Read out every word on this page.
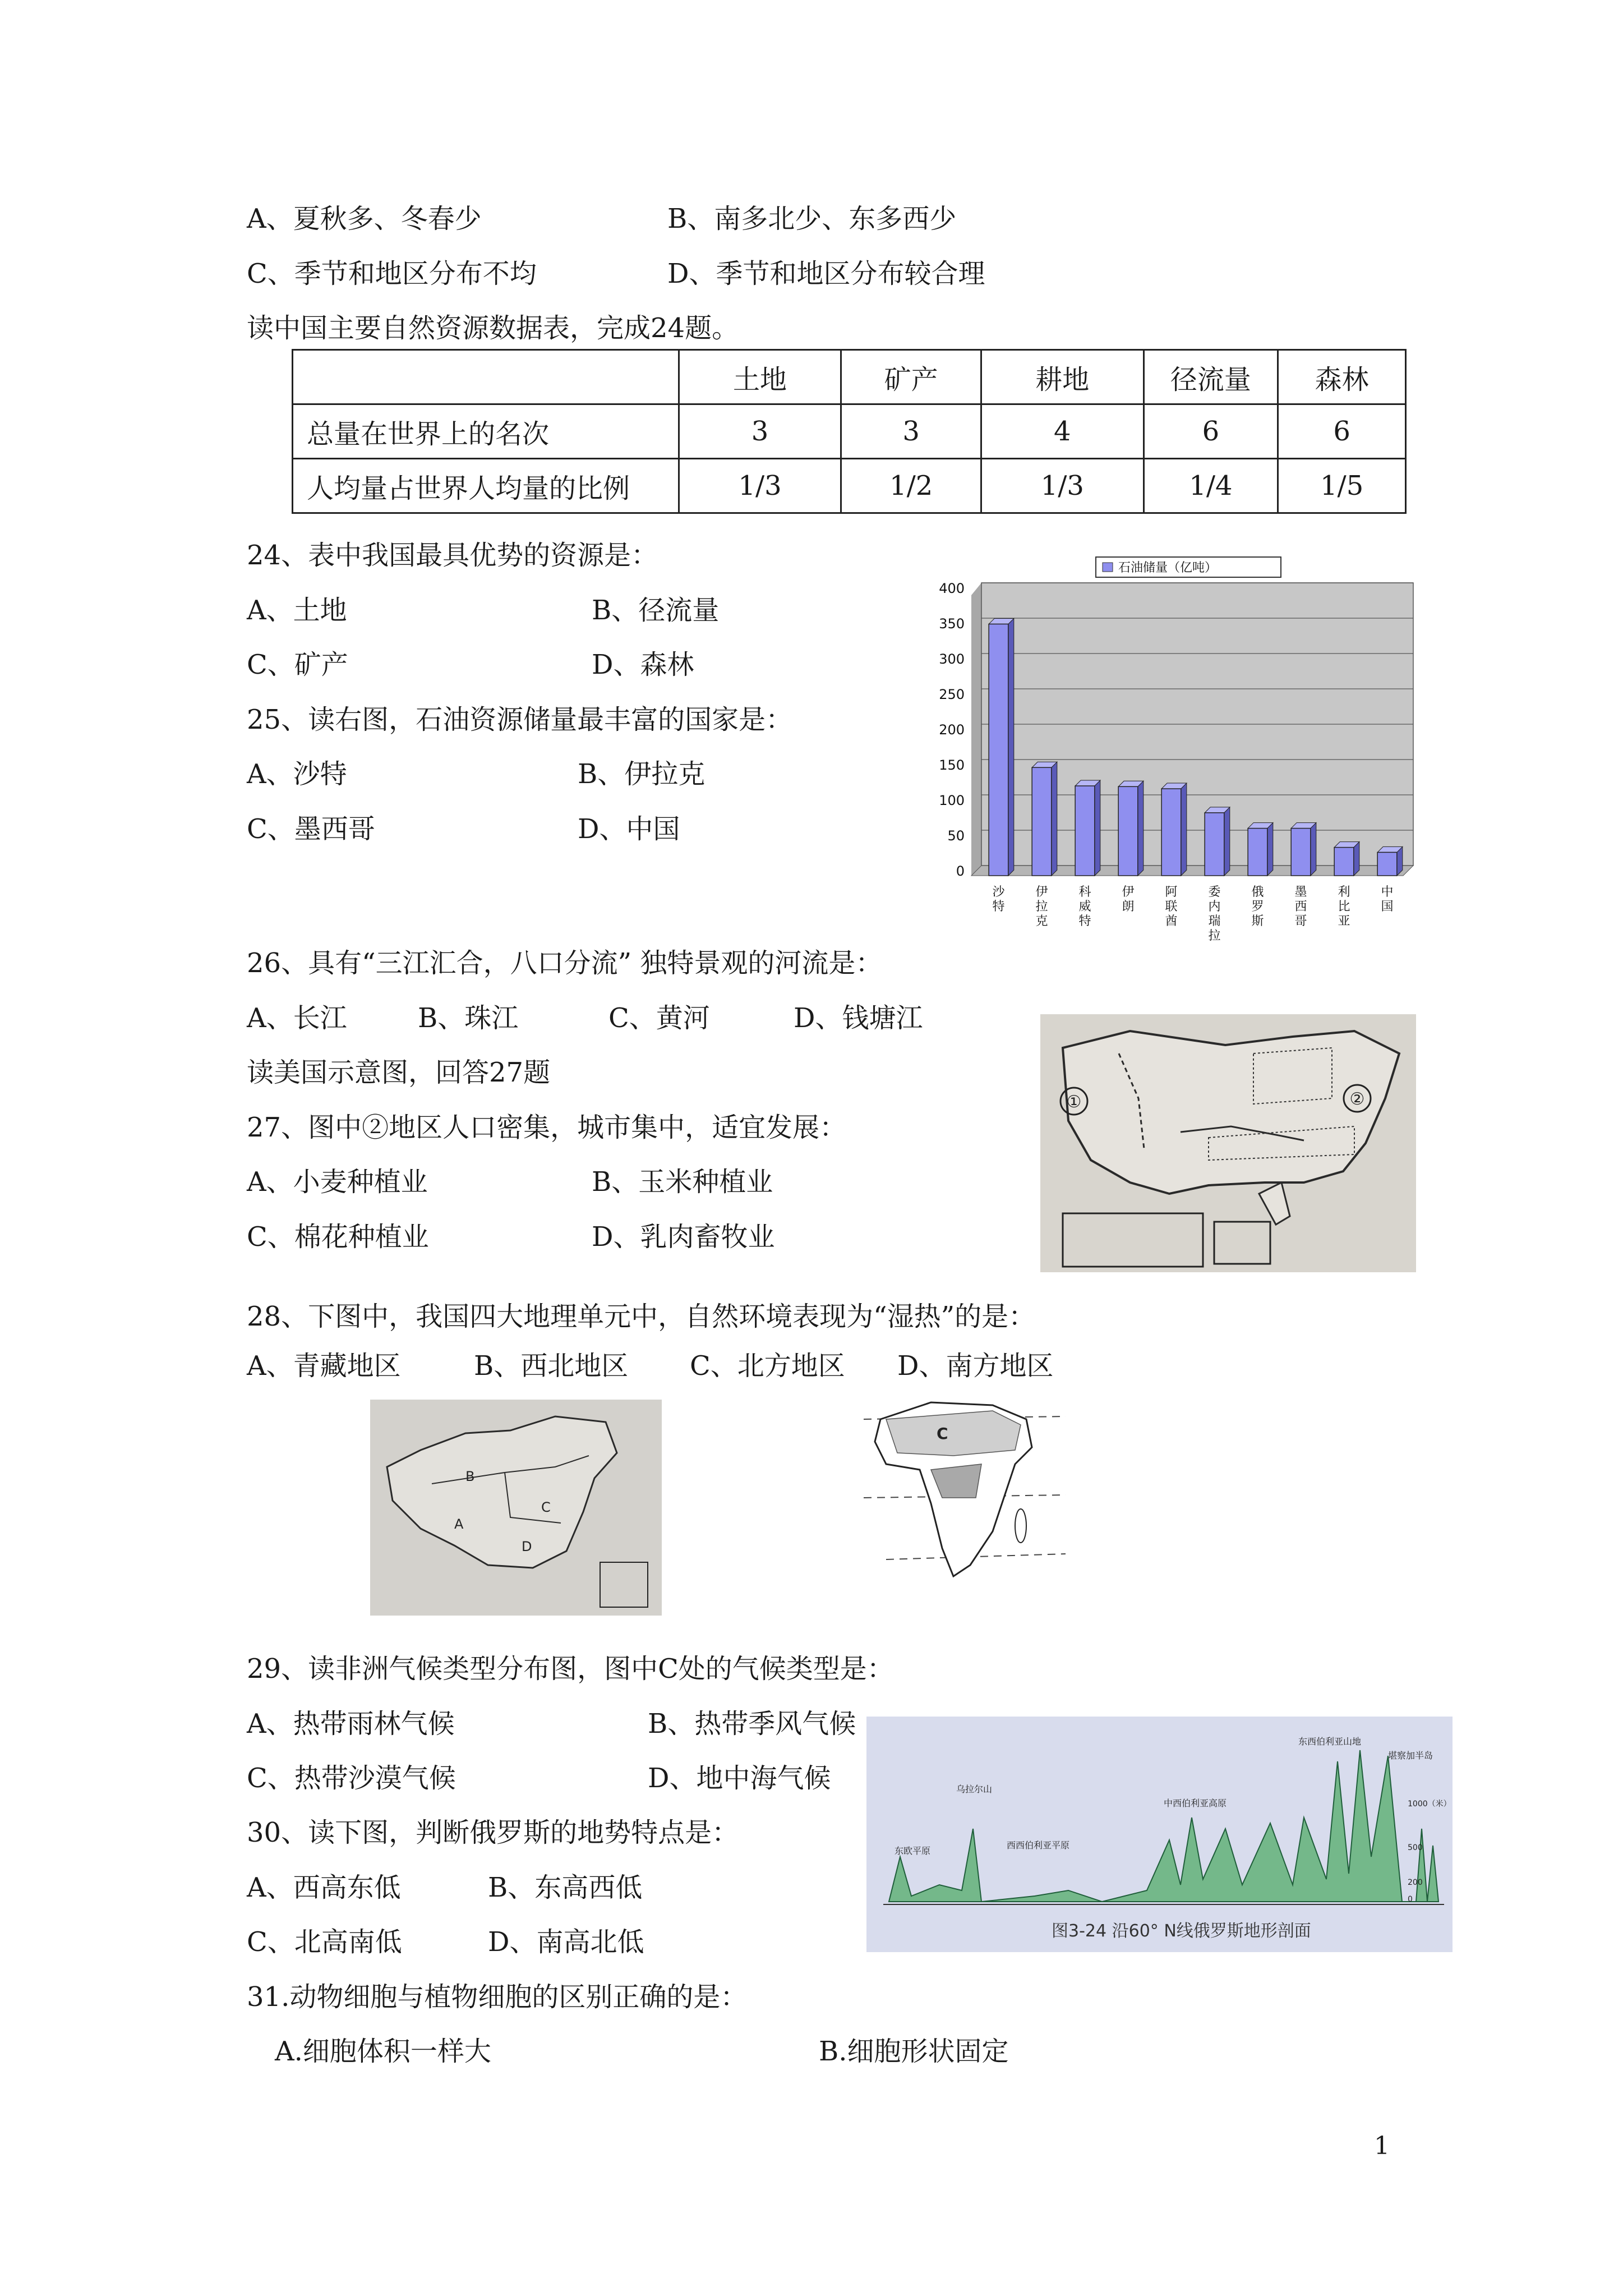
A、夏秋多、冬春少	B、南多北少、东多西少
C、季节和地区分布不均	D、季节和地区分布较合理
读中国主要自然资源数据表，完成24题。
	土地	矿产	耕地	径流量	森林
总量在世界上的名次	3	3	4	6	6
人均量占世界人均量的比例	1/3	1/2	1/3	1/4	1/5
24、表中我国最具优势的资源是：
A、土地	B、径流量
C、矿产	D、森林
25、读右图，石油资源储量最丰富的国家是：
A、沙特	B、伊拉克
C、墨西哥	D、中国
石油储量（亿吨）
0
50
100
150
200
250
300
350
400
沙特
伊拉克
科威特
伊朗
阿联酋
委内瑞拉
俄罗斯
墨西哥
利比亚
中国
26、具有“三江汇合，八口分流” 独特景观的河流是：
A、长江	B、珠江	C、黄河	D、钱塘江
读美国示意图，回答27题
27、图中②地区人口密集，城市集中，适宜发展：
A、小麦种植业	B、玉米种植业
C、棉花种植业	D、乳肉畜牧业
①	②
28、下图中，我国四大地理单元中，自然环境表现为“湿热”的是：
A、青藏地区	B、西北地区 C、北方地区 D、南方地区
B
A
C
D
C
29、读非洲气候类型分布图，图中C处的气候类型是：
A、热带雨林气候	B、热带季风气候
C、热带沙漠气候	D、地中海气候
30、读下图，判断俄罗斯的地势特点是：
A、西高东低	B、东高西低
C、北高南低	D、南高北低
东欧平原
乌拉尔山
西西伯利亚平原
中西伯利亚高原
东西伯利亚山地
堪察加半岛
1000（米）
500
200
0
图3-24 沿60° N线俄罗斯地形剖面
31.动物细胞与植物细胞的区别正确的是：
A.细胞体积一样大	B.细胞形状固定
1
